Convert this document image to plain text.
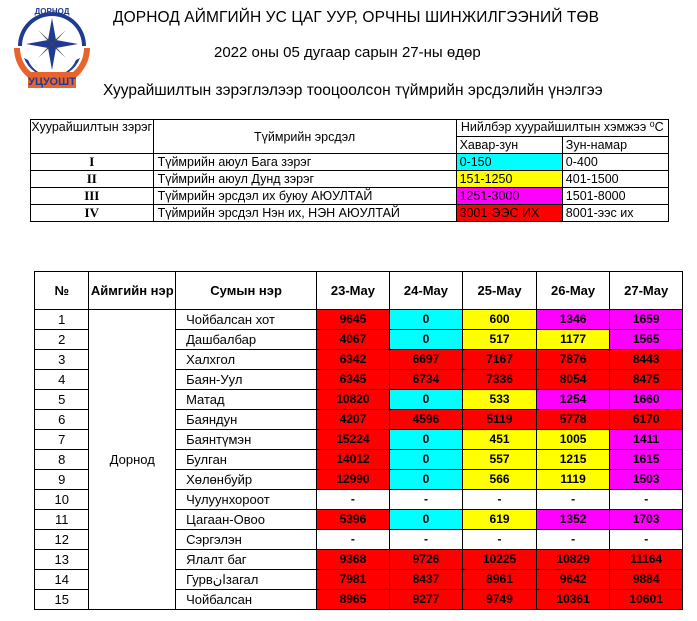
ДОРНОД
УЦУОШТ
ДОРНОД АЙМГИЙН УС ЦАГ УУР, ОРЧНЫ ШИНЖИЛГЭЭНИЙ ТӨВ
2022 оны 05 дугаар сарын 27-ны өдөр
Хуурайшилтын зэрэглэлээр тооцоолсон түймрийн эрсдэлийн үнэлгээ
Хуурайшилтын зэрэг	Түймрийн эрсдэл	Нийлбэр хуурайшилтын хэмжээ ⁰С	
		Хавар-зун	Зун-намар
I	Түймрийн аюул Бага зэрэг	0-150	0-400
II	Түймрийн аюул Дунд зэрэг	151-1250	401-1500
III	Түймрийн эрсдэл их буюу АЮУЛТАЙ	1251-3000	1501-8000
IV	Түймрийн эрсдэл Нэн их, НЭН АЮУЛТАЙ	3001-ЭЭС ИХ	8001-ээс их
№	Аймгийн нэр	Сумын нэр	23-May	24-May	25-May	26-May	27-May
1	Дорнод	Чойбалсан хот	9645	0	600	1346	1659
2		Дашбалбар	4067	0	517	1177	1565
3		Халхгол	6342	6697	7167	7876	8443
4		Баян-Уул	6345	6734	7336	8054	8475
5		Матад	10820	0	533	1254	1660
6		Баяндун	4207	4596	5119	5778	6170
7		Баянтүмэн	15224	0	451	1005	1411
8		Булган	14012	0	557	1215	1615
9		Хөлөнбуйр	12990	0	566	1119	1503
10		Чулуунхороот	-	-	-	-	-
11		Цагаан-Овоо	5396	0	619	1352	1703
12		Сэргэлэн	-	-	-	-	-
13		Ялалт баг	9368	9726	10225	10829	11164
14		Гурвانзагал	7981	8437	8961	9642	9884
15		Чойбалсан	8965	9277	9749	10361	10601
